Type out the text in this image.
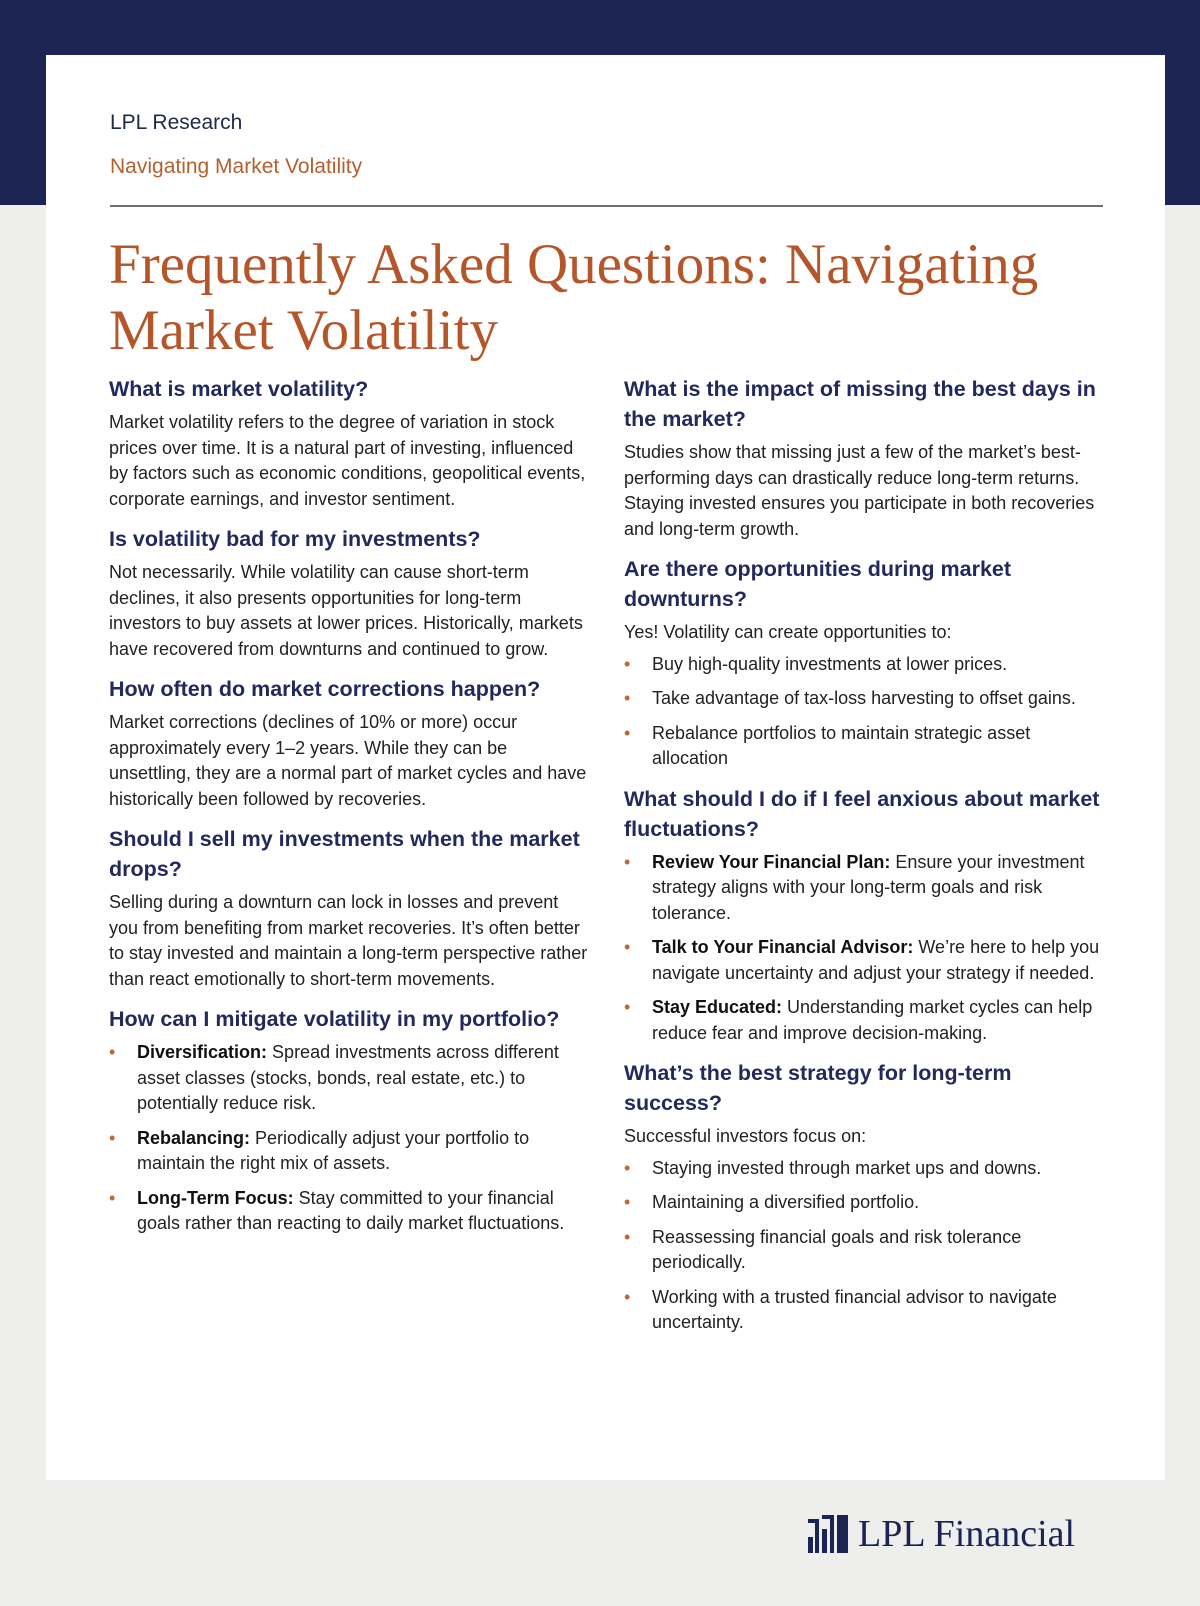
LPL Research
Navigating Market Volatility
Frequently Asked Questions: Navigating Market Volatility
What is market volatility?

Market volatility refers to the degree of variation in stock prices over time. It is a natural part of investing, influenced by factors such as economic conditions, geopolitical events, corporate earnings, and investor sentiment.

Is volatility bad for my investments?

Not necessarily. While volatility can cause short-term declines, it also presents opportunities for long-term investors to buy assets at lower prices. Historically, markets have recovered from downturns and continued to grow.

How often do market corrections happen?

Market corrections (declines of 10% or more) occur approximately every 1–2 years. While they can be unsettling, they are a normal part of market cycles and have historically been followed by recoveries.

Should I sell my investments when the market drops?

Selling during a downturn can lock in losses and prevent you from benefiting from market recoveries. It’s often better to stay invested and maintain a long-term perspective rather than react emotionally to short-term movements.

How can I mitigate volatility in my portfolio?
• Diversification: Spread investments across different asset classes (stocks, bonds, real estate, etc.) to potentially reduce risk.
• Rebalancing: Periodically adjust your portfolio to maintain the right mix of assets.
• Long-Term Focus: Stay committed to your financial goals rather than reacting to daily market fluctuations.
What is the impact of missing the best days in the market?

Studies show that missing just a few of the market’s best-performing days can drastically reduce long-term returns. Staying invested ensures you participate in both recoveries and long-term growth.

Are there opportunities during market downturns?

Yes! Volatility can create opportunities to:

• Buy high-quality investments at lower prices.
• Take advantage of tax-loss harvesting to offset gains.
• Rebalance portfolios to maintain strategic asset allocation
What should I do if I feel anxious about market fluctuations?
• Review Your Financial Plan: Ensure your investment strategy aligns with your long-term goals and risk tolerance.
• Talk to Your Financial Advisor: We’re here to help you navigate uncertainty and adjust your strategy if needed.
• Stay Educated: Understanding market cycles can help reduce fear and improve decision-making.
What’s the best strategy for long-term success?

Successful investors focus on:

• Staying invested through market ups and downs.
• Maintaining a diversified portfolio.
• Reassessing financial goals and risk tolerance periodically.
• Working with a trusted financial advisor to navigate uncertainty.
LPL Financial
